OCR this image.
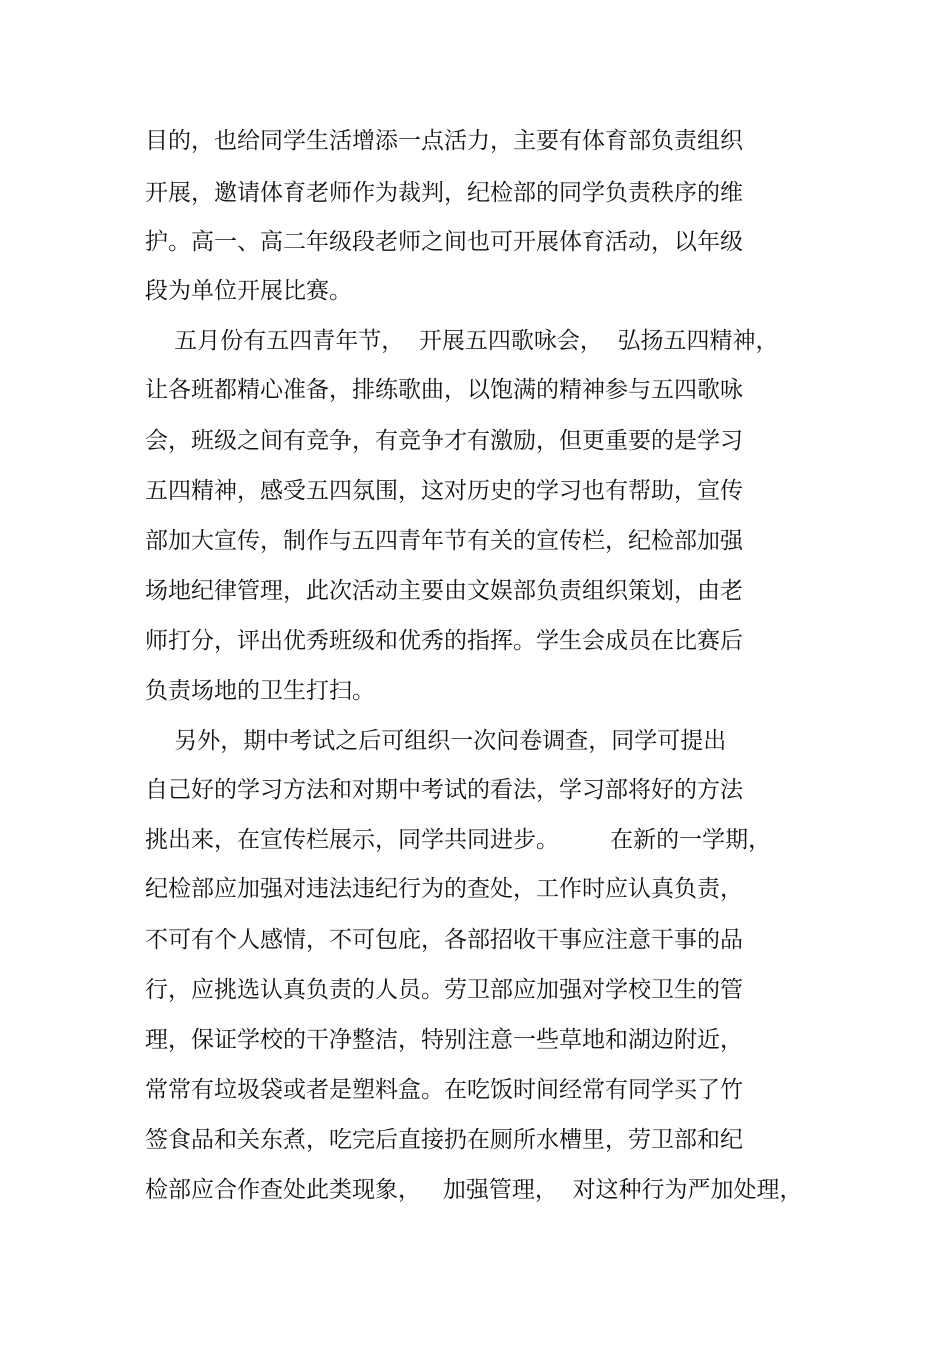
目的，也给同学生活增添一点活力，主要有体育部负责组织
开展，邀请体育老师作为裁判，纪检部的同学负责秩序的维
护。高一、高二年级段老师之间也可开展体育活动，以年级
段为单位开展比赛。
五月份有五四青年节，  开展五四歌咏会，  弘扬五四精神，
让各班都精心准备，排练歌曲，以饱满的精神参与五四歌咏
会，班级之间有竞争，有竞争才有激励，但更重要的是学习
五四精神，感受五四氛围，这对历史的学习也有帮助，宣传
部加大宣传，制作与五四青年节有关的宣传栏，纪检部加强
场地纪律管理，此次活动主要由文娱部负责组织策划，由老
师打分，评出优秀班级和优秀的指挥。学生会成员在比赛后
负责场地的卫生打扫。
另外，期中考试之后可组织一次问卷调查，同学可提出
自己好的学习方法和对期中考试的看法，学习部将好的方法
挑出来，在宣传栏展示，同学共同进步。       在新的一学期，
纪检部应加强对违法违纪行为的查处，工作时应认真负责，
不可有个人感情，不可包庇，各部招收干事应注意干事的品
行，应挑选认真负责的人员。劳卫部应加强对学校卫生的管
理，保证学校的干净整洁，特别注意一些草地和湖边附近，
常常有垃圾袋或者是塑料盒。在吃饭时间经常有同学买了竹
签食品和关东煮，吃完后直接扔在厕所水槽里，劳卫部和纪
检部应合作查处此类现象，   加强管理，  对这种行为严加处理，
